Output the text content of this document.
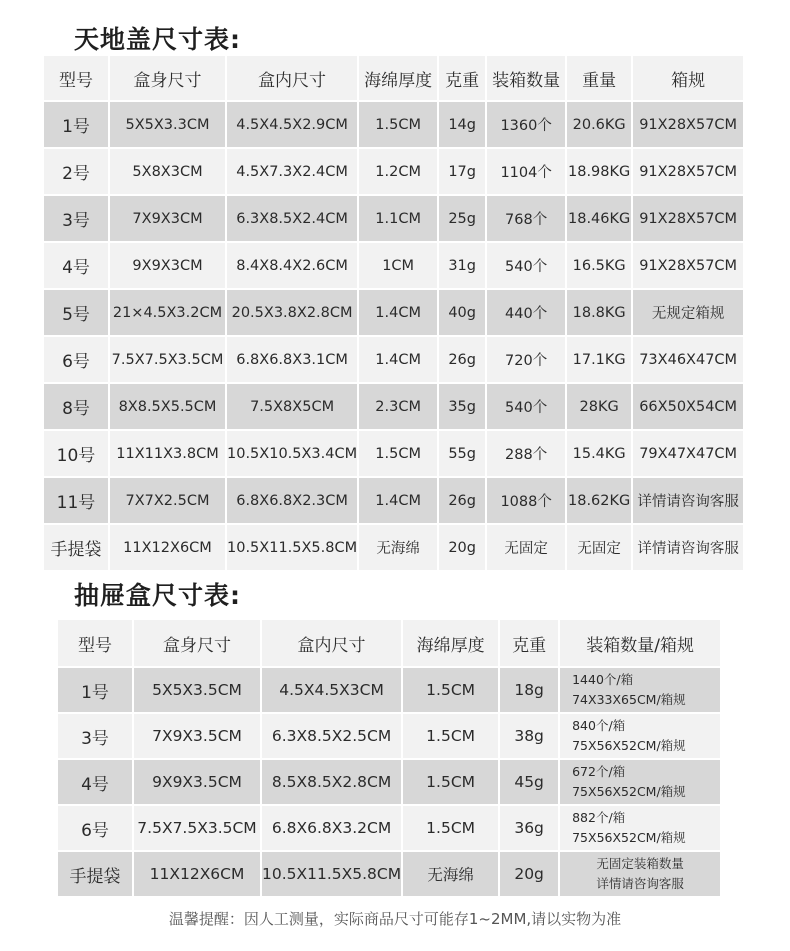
天地盖尺寸表:
型号	盒身尺寸	盒内尺寸	海绵厚度	克重	装箱数量	重量	箱规
1号	5X5X3.3CM	4.5X4.5X2.9CM	1.5CM	14g	1360个	20.6KG	91X28X57CM
2号	5X8X3CM	4.5X7.3X2.4CM	1.2CM	17g	1104个	18.98KG	91X28X57CM
3号	7X9X3CM	6.3X8.5X2.4CM	1.1CM	25g	768个	18.46KG	91X28X57CM
4号	9X9X3CM	8.4X8.4X2.6CM	1CM	31g	540个	16.5KG	91X28X57CM
5号	21×4.5X3.2CM	20.5X3.8X2.8CM	1.4CM	40g	440个	18.8KG	无规定箱规
6号	7.5X7.5X3.5CM	6.8X6.8X3.1CM	1.4CM	26g	720个	17.1KG	73X46X47CM
8号	8X8.5X5.5CM	7.5X8X5CM	2.3CM	35g	540个	28KG	66X50X54CM
10号	11X11X3.8CM	10.5X10.5X3.4CM	1.5CM	55g	288个	15.4KG	79X47X47CM
11号	7X7X2.5CM	6.8X6.8X2.3CM	1.4CM	26g	1088个	18.62KG	详情请咨询客服
手提袋	11X12X6CM	10.5X11.5X5.8CM	无海绵	20g	无固定	无固定	详情请咨询客服
抽屉盒尺寸表:
型号	盒身尺寸	盒内尺寸	海绵厚度	克重	装箱数量/箱规
1号	5X5X3.5CM	4.5X4.5X3CM	1.5CM	18g	1440个/箱
74X33X65CM/箱规

3号	7X9X3.5CM	6.3X8.5X2.5CM	1.5CM	38g	840个/箱
75X56X52CM/箱规

4号	9X9X3.5CM	8.5X8.5X2.8CM	1.5CM	45g	672个/箱
75X56X52CM/箱规

6号	7.5X7.5X3.5CM	6.8X6.8X3.2CM	1.5CM	36g	882个/箱
75X56X52CM/箱规

手提袋	11X12X6CM	10.5X11.5X5.8CM	无海绵	20g	无固定装箱数量
详情请咨询客服
温馨提醒：因人工测量，实际商品尺寸可能存1~2MM,请以实物为准
